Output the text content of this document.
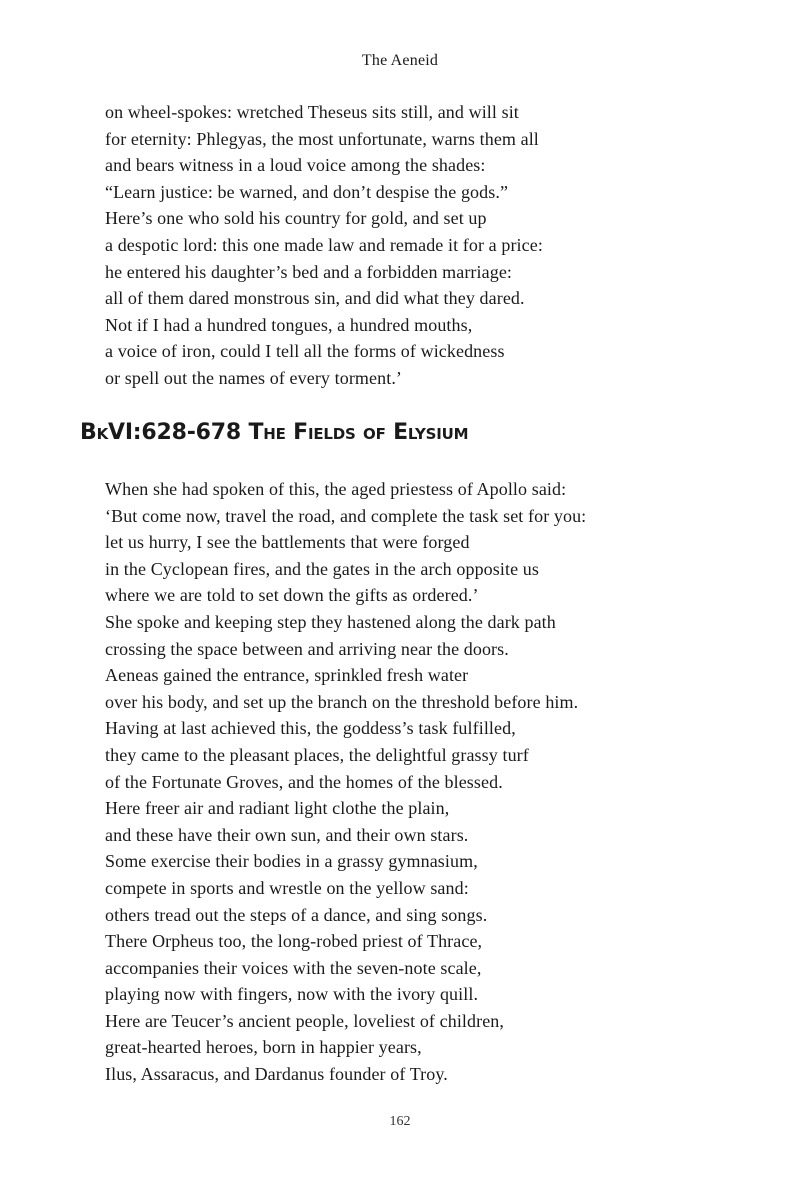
The Aeneid
on wheel-spokes: wretched Theseus sits still, and will sit
for eternity: Phlegyas, the most unfortunate, warns them all
and bears witness in a loud voice among the shades:
“Learn justice: be warned, and don’t despise the gods.”
Here’s one who sold his country for gold, and set up
a despotic lord: this one made law and remade it for a price:
he entered his daughter’s bed and a forbidden marriage:
all of them dared monstrous sin, and did what they dared.
Not if I had a hundred tongues, a hundred mouths,
a voice of iron, could I tell all the forms of wickedness
or spell out the names of every torment.’
BkVI:628-678 The Fields of Elysium
When she had spoken of this, the aged priestess of Apollo said:
‘But come now, travel the road, and complete the task set for you:
let us hurry, I see the battlements that were forged
in the Cyclopean fires, and the gates in the arch opposite us
where we are told to set down the gifts as ordered.’
She spoke and keeping step they hastened along the dark path
crossing the space between and arriving near the doors.
Aeneas gained the entrance, sprinkled fresh water
over his body, and set up the branch on the threshold before him.
Having at last achieved this, the goddess’s task fulfilled,
they came to the pleasant places, the delightful grassy turf
of the Fortunate Groves, and the homes of the blessed.
Here freer air and radiant light clothe the plain,
and these have their own sun, and their own stars.
Some exercise their bodies in a grassy gymnasium,
compete in sports and wrestle on the yellow sand:
others tread out the steps of a dance, and sing songs.
There Orpheus too, the long-robed priest of Thrace,
accompanies their voices with the seven-note scale,
playing now with fingers, now with the ivory quill.
Here are Teucer’s ancient people, loveliest of children,
great-hearted heroes, born in happier years,
Ilus, Assaracus, and Dardanus founder of Troy.
162
